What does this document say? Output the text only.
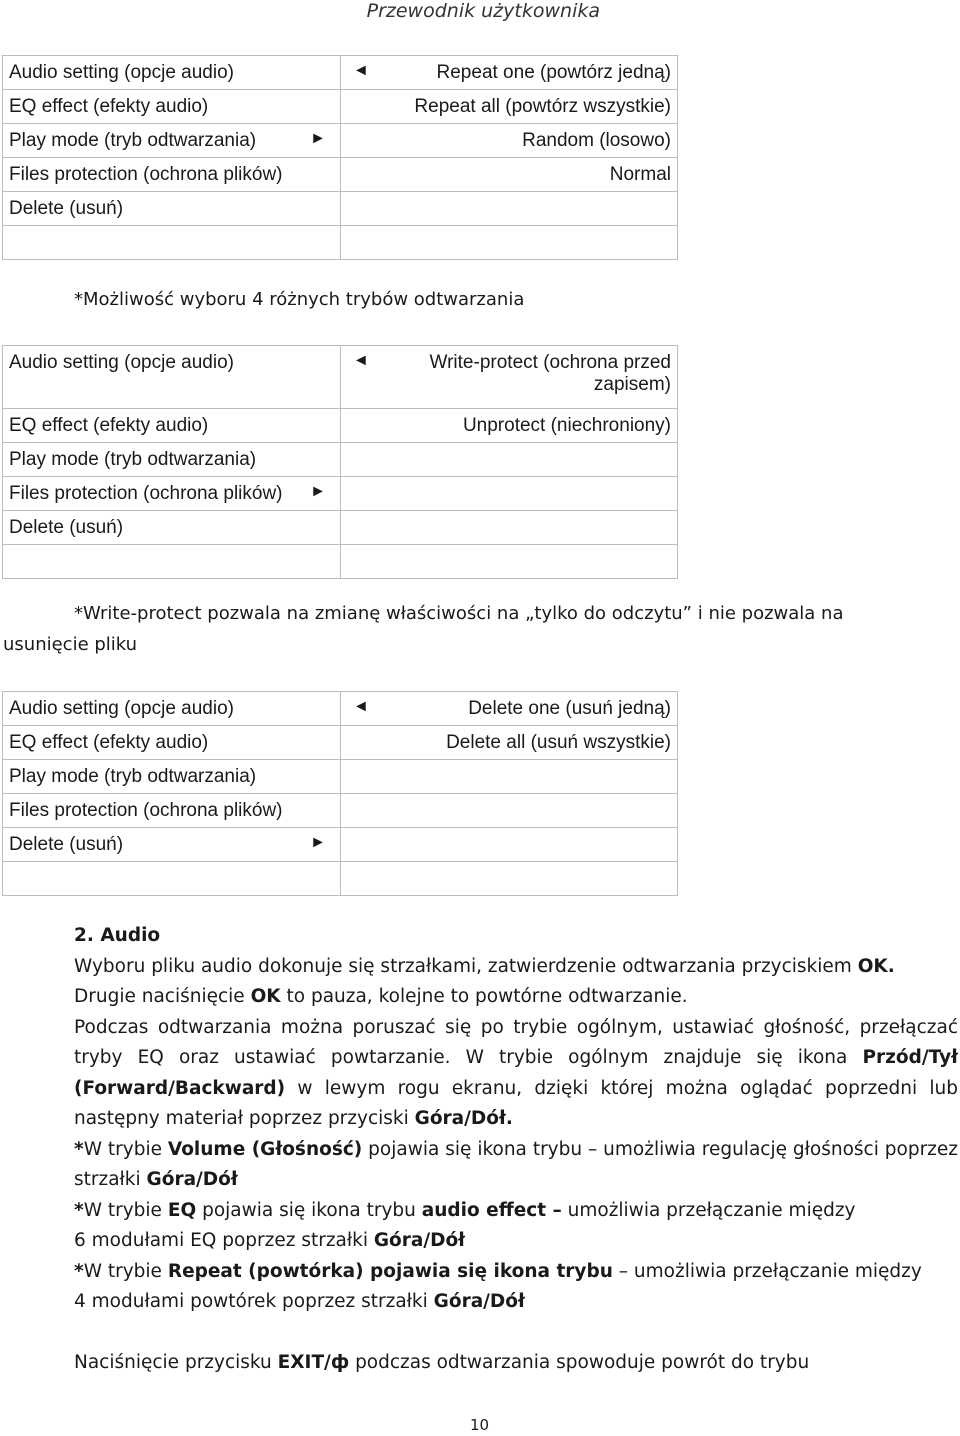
Przewodnik użytkownika
Audio setting (opcje audio)	◄ Repeat one (powtórz jedną)
EQ effect (efekty audio)	Repeat all (powtórz wszystkie)
Play mode (tryb odtwarzania) ►	Random (losowo)
Files protection (ochrona plików)	Normal
Delete (usuń)	

*Możliwość wyboru 4 różnych trybów odtwarzania
Audio setting (opcje audio)	◄ Write-protect (ochrona przed
zapisem)
EQ effect (efekty audio)	Unprotect (niechroniony)
Play mode (tryb odtwarzania)	
Files protection (ochrona plików) ►	

Delete (usuń)	

*Write-protect pozwala na zmianę właściwości na „tylko do odczytu” i nie pozwala na
usunięcie pliku
Audio setting (opcje audio)	◄ Delete one (usuń jedną)
EQ effect (efekty audio)	Delete all (usuń wszystkie)
Play mode (tryb odtwarzania)	
Files protection (ochrona plików)	
Delete (usuń) ►	

2. Audio

Wyboru pliku audio dokonuje się strzałkami, zatwierdzenie odtwarzania przyciskiem OK.

Drugie naciśnięcie OK to pauza, kolejne to powtórne odtwarzanie.

Podczas odtwarzania można poruszać się po trybie ogólnym, ustawiać głośność, przełączać tryby EQ oraz ustawiać powtarzanie. W trybie ogólnym znajduje się ikona Przód/Tył (Forward/Backward) w lewym rogu ekranu, dzięki której można oglądać poprzedni lub następny materiał poprzez przyciski Góra/Dół.

*W trybie Volume (Głośność) pojawia się ikona trybu – umożliwia regulację głośności poprzez strzałki Góra/Dół

*W trybie EQ pojawia się ikona trybu audio effect – umożliwia przełączanie między

6 modułami EQ poprzez strzałki Góra/Dół

*W trybie Repeat (powtórka) pojawia się ikona trybu – umożliwia przełączanie między

4 modułami powtórek poprzez strzałki Góra/Dół

Naciśnięcie przycisku EXIT/ф podczas odtwarzania spowoduje powrót do trybu

10
